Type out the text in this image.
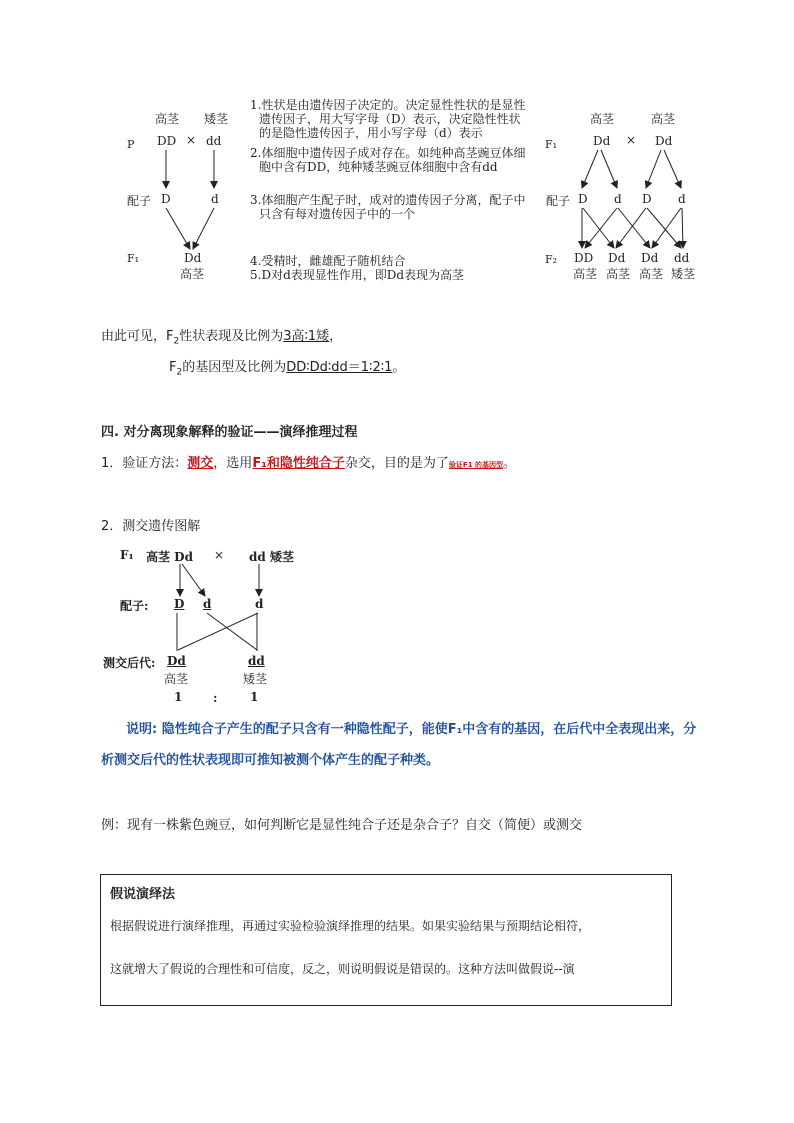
高茎 矮茎
P DD × dd
配子 D	d
F₁	Dd
高茎
1.性状是由遗传因子决定的。决定显性性状的是显性
遗传因子，用大写字母（D）表示，决定隐性性状
的是隐性遗传因子，用小写字母（d）表示
2.体细胞中遗传因子成对存在。如纯种高茎豌豆体细
胞中含有DD，纯种矮茎豌豆体细胞中含有dd
3.体细胞产生配子时，成对的遗传因子分离，配子中
只含有每对遗传因子中的一个
4.受精时，雌雄配子随机结合
5.D对d表现显性作用，即Dd表现为高茎
高茎	高茎
F₁	Dd × Dd
配子 D d D d
F₂ DD Dd Dd dd
高茎 高茎 高茎 矮茎
由此可见，$F_2$性状表现及比例为3高∶1矮，
$F_2$的基因型及比例为DD∶Dd∶dd＝1∶2∶1。
四. 对分离现象解释的验证——演绎推理过程
1．验证方法：测交，选用F₁和隐性纯合子杂交，目的是为了验证F1 的基因型。
2．测交遗传图解
F₁ 高茎 Dd × dd 矮茎
配子: D d	d
测交后代: Dd	dd
高茎	矮茎
1	:	1
说明: 隐性纯合子产生的配子只含有一种隐性配子，能使F₁中含有的基因，在后代中全表现出来，分
析测交后代的性状表现即可推知被测个体产生的配子种类。
例：现有一株紫色豌豆，如何判断它是显性纯合子还是杂合子？自交（简便）或测交
假说演绎法
根据假说进行演绎推理，再通过实验检验演绎推理的结果。如果实验结果与预期结论相符，
这就增大了假说的合理性和可信度，反之，则说明假说是错误的。这种方法叫做假说--演
